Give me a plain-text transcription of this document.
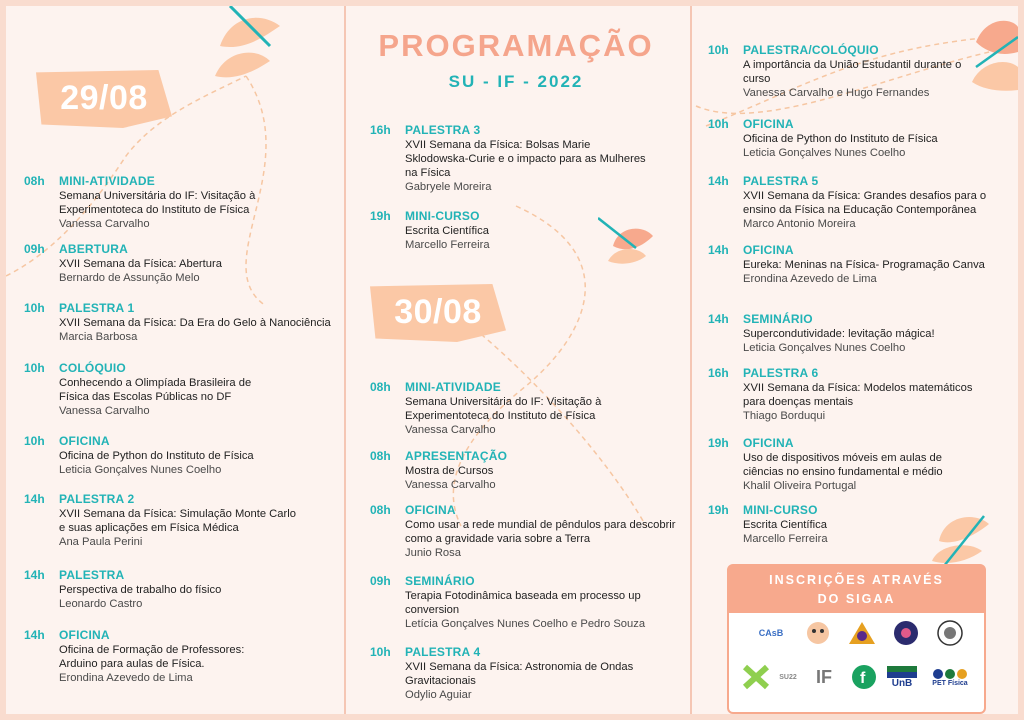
29/08
30/08
PROGRAMAÇÃO
SU - IF - 2022
08h	MINI-ATIVIDADE
Semana Universitária do IF: Visitação à
Experimentoteca do Instituto de Física
Vanessa Carvalho
09h	ABERTURA
XVII Semana da Física: Abertura
Bernardo de Assunção Melo
10h	PALESTRA 1
XVII Semana da Física: Da Era do Gelo à Nanociência
Marcia Barbosa
10h	COLÓQUIO
Conhecendo a Olimpíada Brasileira de
Física das Escolas Públicas no DF
Vanessa Carvalho
10h	OFICINA
Oficina de Python do Instituto de Física
Leticia Gonçalves Nunes Coelho
14h	PALESTRA 2
XVII Semana da Física: Simulação Monte Carlo
e suas aplicações em Física Médica
Ana Paula Perini
14h	PALESTRA
Perspectiva de trabalho do físico
Leonardo Castro
14h	OFICINA
Oficina de Formação de Professores:
Arduino para aulas de Física.
Erondina Azevedo de Lima
16h	PALESTRA 3
XVII Semana da Física: Bolsas Marie
Sklodowska-Curie e o impacto para as Mulheres
na Física
Gabryele Moreira
19h	MINI-CURSO
Escrita Científica
Marcello Ferreira
08h	MINI-ATIVIDADE
Semana Universitária do IF: Visitação à
Experimentoteca do Instituto de Física
Vanessa Carvalho
08h	APRESENTAÇÃO
Mostra de Cursos
Vanessa Carvalho
08h	OFICINA
Como usar a rede mundial de pêndulos para descobrir
como a gravidade varia sobre a Terra
Junio Rosa
09h	SEMINÁRIO
Terapia Fotodinâmica baseada em processo up
conversion
Letícia Gonçalves Nunes Coelho e Pedro Souza
10h	PALESTRA 4
XVII Semana da Física: Astronomia de Ondas
Gravitacionais
Odylio Aguiar
10h	PALESTRA/COLÓQUIO
A importância da União Estudantil durante o
curso
Vanessa Carvalho e Hugo Fernandes
10h	OFICINA
Oficina de Python do Instituto de Física
Leticia Gonçalves Nunes Coelho
14h	PALESTRA 5
XVII Semana da Física: Grandes desafios para o
ensino da Física na Educação Contemporânea
Marco Antonio Moreira
14h	OFICINA
Eureka: Meninas na Física- Programação Canva
Erondina Azevedo de Lima
14h	SEMINÁRIO
Supercondutividade: levitação mágica!
Leticia Gonçalves Nunes Coelho
16h	PALESTRA 6
XVII Semana da Física: Modelos matemáticos
para doenças mentais
Thiago Borduqui
19h	OFICINA
Uso de dispositivos móveis em aulas de
ciências no ensino fundamental e médio
Khalil Oliveira Portugal
19h	MINI-CURSO
Escrita Científica
Marcello Ferreira
INSCRIÇÕES ATRAVÉS
DO SIGAA
CAsB
SU22 IF f	UnB	PET Física
